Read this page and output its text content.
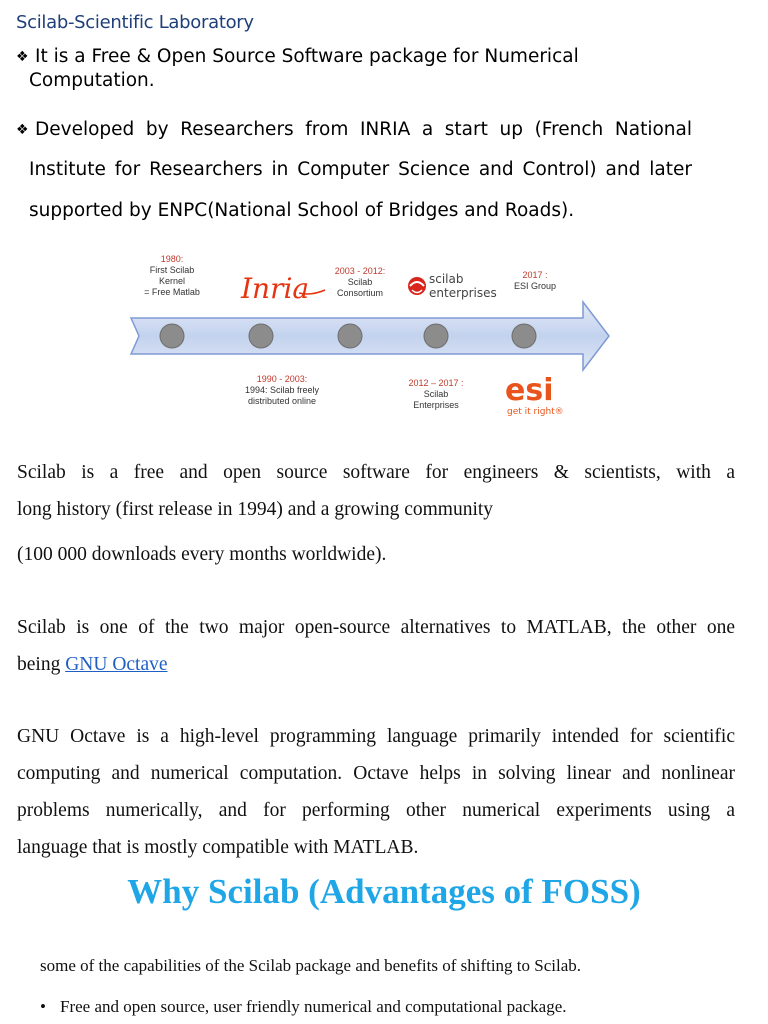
Scilab-Scientific Laboratory
❖ It is a Free & Open Source Software package for Numerical
Computation.
❖ Developed by Researchers from INRIA a start up (French National
Institute for Researchers in Computer Science and Control) and later
supported by ENPC(National School of Bridges and Roads).
Inria	scilab
enterprises
esi
get it right®
1980:
First Scilab
Kernel
= Free Matlab
2003 - 2012:
Scilab
Consortium
2017 :
ESI Group
1990 - 2003:
1994: Scilab freely
distributed online
2012 – 2017 :
Scilab
Enterprises
Scilab is a free and open source software for engineers & scientists, with a
long history (first release in 1994) and a growing community
(100 000 downloads every months worldwide).
Scilab is one of the two major open-source alternatives to MATLAB, the other one
being GNU Octave
GNU Octave is a high-level programming language primarily intended for scientific
computing and numerical computation. Octave helps in solving linear and nonlinear
problems numerically, and for performing other numerical experiments using a
language that is mostly compatible with MATLAB.
Why Scilab (Advantages of FOSS)
some of the capabilities of the Scilab package and benefits of shifting to Scilab.
• Free and open source, user friendly numerical and computational package.
